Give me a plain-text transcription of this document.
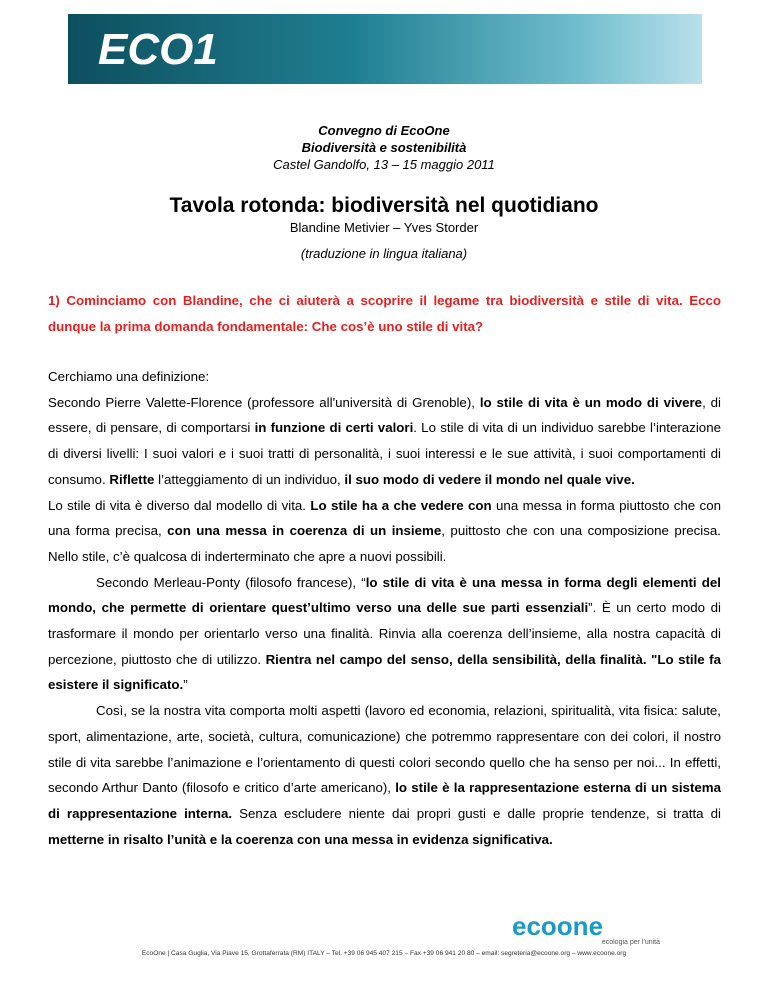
ECO1
Convegno di EcoOne
Biodiversità e sostenibilità
Castel Gandolfo, 13 – 15 maggio 2011
Tavola rotonda: biodiversità nel quotidiano
Blandine Metivier – Yves Storder
(traduzione in lingua italiana)
1) Cominciamo con Blandine, che ci aiuterà a scoprire il legame tra biodiversità e stile di vita. Ecco dunque la prima domanda fondamentale: Che cos’è uno stile di vita?

Cerchiamo una definizione:

Secondo Pierre Valette-Florence (professore all'università di Grenoble), lo stile di vita è un modo di vivere, di essere, di pensare, di comportarsi in funzione di certi valori. Lo stile di vita di un individuo sarebbe l’interazione di diversi livelli: I suoi valori e i suoi tratti di personalità, i suoi interessi e le sue attività, i suoi comportamenti di consumo. Riflette l’atteggiamento di un individuo, il suo modo di vedere il mondo nel quale vive.

Lo stile di vita è diverso dal modello di vita. Lo stile ha a che vedere con una messa in forma piuttosto che con una forma precisa, con una messa in coerenza di un insieme, puittosto che con una composizione precisa. Nello stile, c’è qualcosa di inderterminato che apre a nuovi possibili.

Secondo Merleau-Ponty (filosofo francese), “lo stile di vita è una messa in forma degli elementi del mondo, che permette di orientare quest’ultimo verso una delle sue parti essenziali”. È un certo modo di trasformare il mondo per orientarlo verso una finalità. Rinvia alla coerenza dell’insieme, alla nostra capacità di percezione, piuttosto che di utilizzo. Rientra nel campo del senso, della sensibilità, della finalità. "Lo stile fa esistere il significato.”

Così, se la nostra vita comporta molti aspetti (lavoro ed economia, relazioni, spiritualità, vita fisica: salute, sport, alimentazione, arte, società, cultura, comunicazione) che potremmo rappresentare con dei colori, il nostro stile di vita sarebbe l’animazione e l’orientamento di questi colori secondo quello che ha senso per noi... In effetti, secondo Arthur Danto (filosofo e critico d’arte americano), lo stile è la rappresentazione esterna di un sistema di rappresentazione interna. Senza escludere niente dai propri gusti e dalle proprie tendenze, si tratta di metterne in risalto l’unità e la coerenza con una messa in evidenza significativa.

ecoone
ecologia per l'unità
EcoOne | Casa Guglia, Via Piave 15, Grottaferrata (RM) ITALY – Tel. +39 06 945 407 215 – Fax +39 06 941 20 80 – email: segreteria@ecoone.org – www.ecoone.org
